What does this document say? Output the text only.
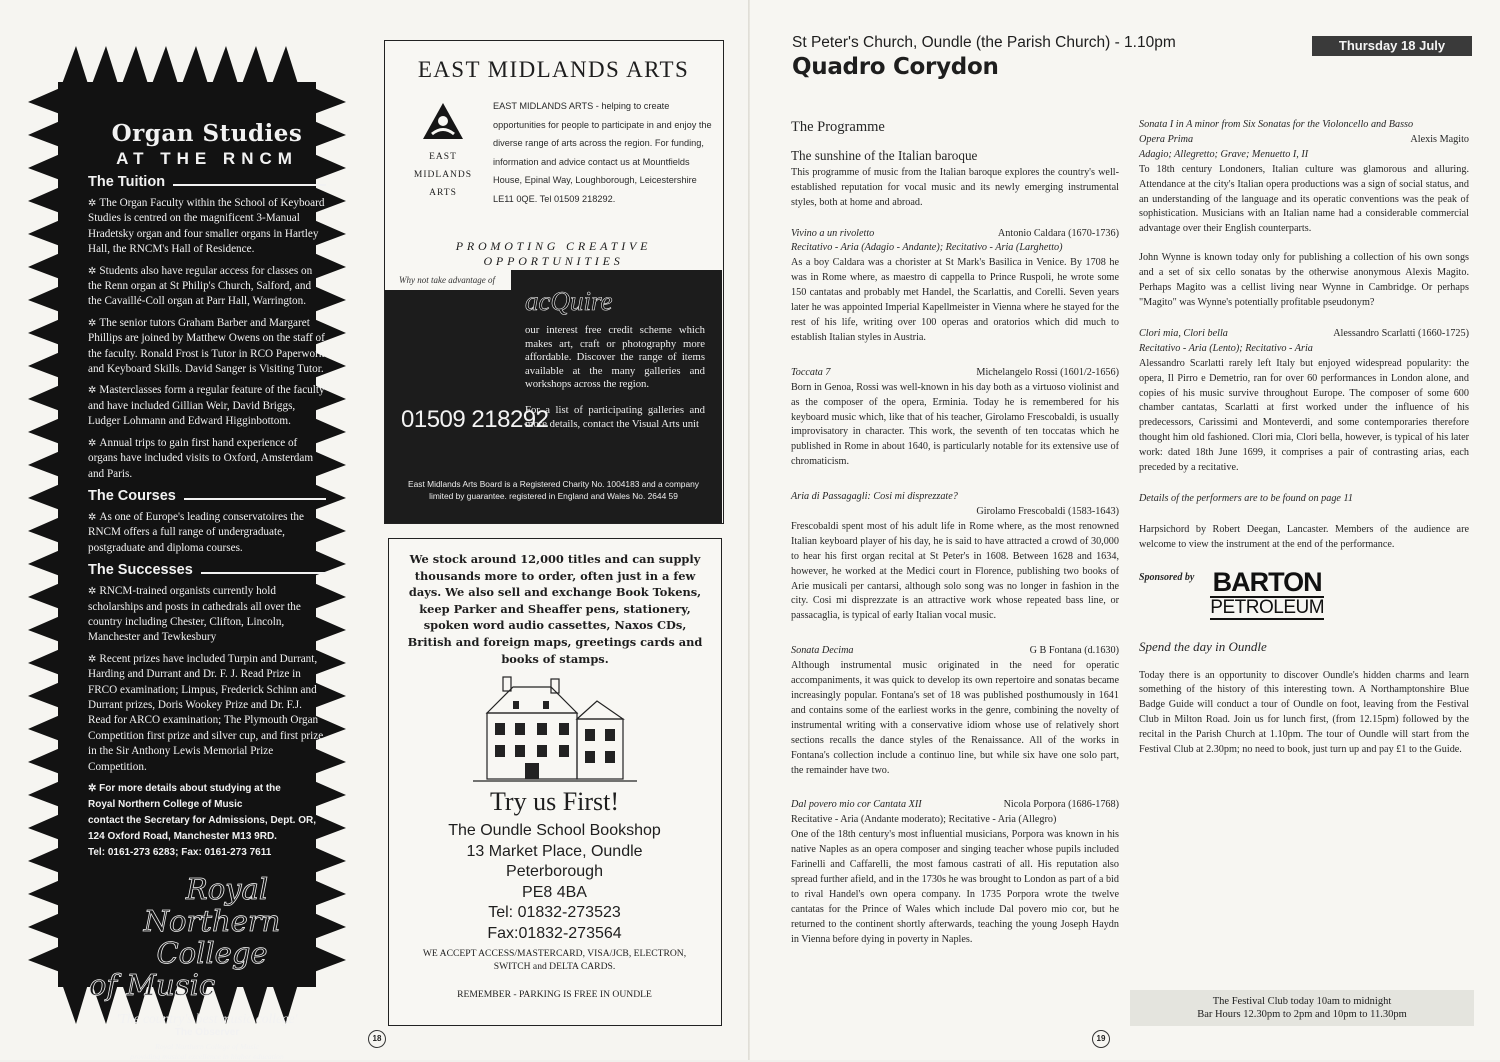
Organ Studies
AT THE RNCM
The Tuition

✲ The Organ Faculty within the School of Keyboard Studies is centred on the magnificent 3-Manual Hradetsky organ and four smaller organs in Hartley Hall, the RNCM's Hall of Residence.

✲ Students also have regular access for classes on the Renn organ at St Philip's Church, Salford, and the Cavaillé-Coll organ at Parr Hall, Warrington.

✲ The senior tutors Graham Barber and Margaret Phillips are joined by Matthew Owens on the staff of the faculty. Ronald Frost is Tutor in RCO Paperwork and Keyboard Skills. David Sanger is Visiting Tutor.

✲ Masterclasses form a regular feature of the faculty and have included Gillian Weir, David Briggs, Ludger Lohmann and Edward Higginbottom.

✲ Annual trips to gain first hand experience of organs have included visits to Oxford, Amsterdam and Paris.

The Courses

✲ As one of Europe's leading conservatoires the RNCM offers a full range of undergraduate, postgraduate and diploma courses.

The Successes

✲ RNCM-trained organists currently hold scholarships and posts in cathedrals all over the country including Chester, Clifton, Lincoln, Manchester and Tewkesbury

✲ Recent prizes have included Turpin and Durrant, Harding and Durrant and Dr. F. J. Read Prize in FRCO examination; Limpus, Frederick Schinn and Durrant prizes, Doris Wookey Prize and Dr. F.J. Read for ARCO examination; The Plymouth Organ Competition first prize and silver cup, and first prize in the Sir Anthony Lewis Memorial Prize Competition.

✲ For more details about studying at the
Royal Northern College of Music
contact the Secretary for Admissions, Dept. OR,
124 Oxford Road, Manchester M13 9RD.
Tel: 0161-273 6283; Fax: 0161-273 7611
Royal
Northern College
of Music
'The country's best music college'
The Observer
Royal Northern College of Music
providing musical excellence in higher education
EAST MIDLANDS ARTS
EAST
MIDLANDS
ARTS
EAST MIDLANDS ARTS - helping to create opportunities for people to participate in and enjoy the diverse range of arts across the region. For funding, information and advice contact us at Mountfields House, Epinal Way, Loughborough, Leicestershire LE11 0QE. Tel 01509 218292.
PROMOTING CREATIVE OPPORTUNITIES
Why not take advantage of
acQuire

our interest free credit scheme which makes art, craft or photography more affordable. Discover the range of items available at the many galleries and workshops across the region.

For a list of participating galleries and more details, contact the Visual Arts unit

01509 218292
East Midlands Arts Board is a Registered Charity No. 1004183 and a company limited by guarantee. registered in England and Wales No. 2644 59
We stock around 12,000 titles and can supply thousands more to order, often just in a few days. We also sell and exchange Book Tokens, keep Parker and Sheaffer pens, stationery, spoken word audio cassettes, Naxos CDs, British and foreign maps, greetings cards and books of stamps.
Try us First!
The Oundle School Bookshop
13 Market Place, Oundle
Peterborough
PE8 4BA
Tel: 01832-273523
Fax:01832-273564
WE ACCEPT ACCESS/MASTERCARD, VISA/JCB, ELECTRON, SWITCH and DELTA CARDS.
REMEMBER - PARKING IS FREE IN OUNDLE
18
St Peter's Church, Oundle (the Parish Church) - 1.10pm
Quadro Corydon
Thursday 18 July
The Programme
The sunshine of the Italian baroque

This programme of music from the Italian baroque explores the country's well-established reputation for vocal music and its newly emerging instrumental styles, both at home and abroad.

Vivino a un rivoletto	Antonio Caldara (1670-1736)
Recitativo - Aria (Adagio - Andante); Recitativo - Aria (Larghetto)

As a boy Caldara was a chorister at St Mark's Basilica in Venice. By 1708 he was in Rome where, as maestro di cappella to Prince Ruspoli, he wrote some 150 cantatas and probably met Handel, the Scarlattis, and Corelli. Seven years later he was appointed Imperial Kapellmeister in Vienna where he stayed for the rest of his life, writing over 100 operas and oratorios which did much to establish Italian styles in Austria.

Toccata 7	Michelangelo Rossi (1601/2-1656)

Born in Genoa, Rossi was well-known in his day both as a virtuoso violinist and as the composer of the opera, Erminia. Today he is remembered for his keyboard music which, like that of his teacher, Girolamo Frescobaldi, is usually improvisatory in character. This work, the seventh of ten toccatas which he published in Rome in about 1640, is particularly notable for its extensive use of chromaticism.

Aria di Passagagli: Cosi mi disprezzate?
Girolamo Frescobaldi (1583-1643)

Frescobaldi spent most of his adult life in Rome where, as the most renowned Italian keyboard player of his day, he is said to have attracted a crowd of 30,000 to hear his first organ recital at St Peter's in 1608. Between 1628 and 1634, however, he worked at the Medici court in Florence, publishing two books of Arie musicali per cantarsi, although solo song was no longer in fashion in the city. Cosi mi disprezzate is an attractive work whose repeated bass line, or passacaglia, is typical of early Italian vocal music.

Sonata Decima	G B Fontana (d.1630)

Although instrumental music originated in the need for operatic accompaniments, it was quick to develop its own repertoire and sonatas became increasingly popular. Fontana's set of 18 was published posthumously in 1641 and contains some of the earliest works in the genre, combining the novelty of instrumental writing with a conservative idiom whose use of relatively short sections recalls the dance styles of the Renaissance. All of the works in Fontana's collection include a continuo line, but while six have one solo part, the remainder have two.

Dal povero mio cor Cantata XII	Nicola Porpora (1686-1768)
Recitative - Aria (Andante moderato); Recitative - Aria (Allegro)

One of the 18th century's most influential musicians, Porpora was known in his native Naples as an opera composer and singing teacher whose pupils included Farinelli and Caffarelli, the most famous castrati of all. His reputation also spread further afield, and in the 1730s he was brought to London as part of a bid to rival Handel's own opera company. In 1735 Porpora wrote the twelve cantatas for the Prince of Wales which include Dal povero mio cor, but he returned to the continent shortly afterwards, teaching the young Joseph Haydn in Vienna before dying in poverty in Naples.

Sonata I in A minor from Six Sonatas for the Violoncello and Basso
Opera Prima	Alexis Magito
Adagio; Allegretto; Grave; Menuetto I, II

To 18th century Londoners, Italian culture was glamorous and alluring. Attendance at the city's Italian opera productions was a sign of social status, and an understanding of the language and its operatic conventions was the peak of sophistication. Musicians with an Italian name had a considerable commercial advantage over their English counterparts.

John Wynne is known today only for publishing a collection of his own songs and a set of six cello sonatas by the otherwise anonymous Alexis Magito. Perhaps Magito was a cellist living near Wynne in Cambridge. Or perhaps "Magito" was Wynne's potentially profitable pseudonym?

Clori mia, Clori bella	Alessandro Scarlatti (1660-1725)
Recitativo - Aria (Lento); Recitativo - Aria

Alessandro Scarlatti rarely left Italy but enjoyed widespread popularity: the opera, Il Pirro e Demetrio, ran for over 60 performances in London alone, and copies of his music survive throughout Europe. The composer of some 600 chamber cantatas, Scarlatti at first worked under the influence of his predecessors, Carissimi and Monteverdi, and some contemporaries therefore thought him old fashioned. Clori mia, Clori bella, however, is typical of his later work: dated 18th June 1699, it comprises a pair of contrasting arias, each preceded by a recitative.

Details of the performers are to be found on page 11

Harpsichord by Robert Deegan, Lancaster. Members of the audience are welcome to view the instrument at the end of the performance.

Sponsored by BARTON
PETROLEUM
Spend the day in Oundle

Today there is an opportunity to discover Oundle's hidden charms and learn something of the history of this interesting town. A Northamptonshire Blue Badge Guide will conduct a tour of Oundle on foot, leaving from the Festival Club in Milton Road. Join us for lunch first, (from 12.15pm) followed by the recital in the Parish Church at 1.10pm. The tour of Oundle will start from the Festival Club at 2.30pm; no need to book, just turn up and pay £1 to the Guide.

The Festival Club today 10am to midnight
Bar Hours 12.30pm to 2pm and 10pm to 11.30pm
19
